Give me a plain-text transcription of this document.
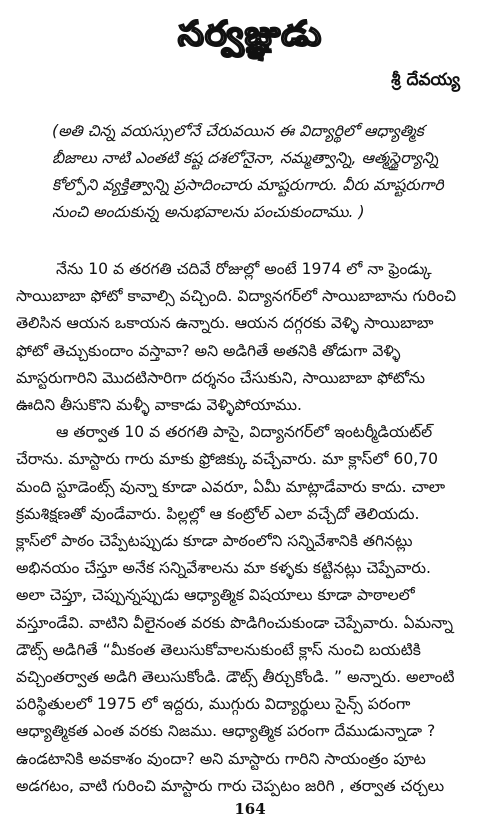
సర్వజ్ఞుడు
శ్రీ దేవయ్య
(అతి చిన్న వయస్సులోనే చేరువయిన ఈ విద్యార్థిలో ఆధ్యాత్మిక
బీజాలు నాటి ఎంతటి కష్ట దశలోనైనా, నమ్మత్వాన్ని, ఆత్మస్థైర్యాన్ని
కోల్పోని వ్యక్తిత్వాన్ని ప్రసాదించారు మాష్టరుగారు. వీరు మాష్టరుగారి
నుంచి అందుకున్న అనుభవాలను పంచుకుందాము. )
నేను 10 వ తరగతి చదివే రోజుల్లో అంటే 1974 లో నా ఫ్రెండ్కు
సాయిబాబా ఫోటో కావాల్సి వచ్చింది. విద్యానగర్‌లో సాయిబాబాను గురించి
తెలిసిన ఆయన ఒకాయన ఉన్నారు. ఆయన దగ్గరకు వెళ్ళి సాయిబాబా
ఫోటో తెచ్చుకుందాం వస్తావా? అని అడిగితే అతనికి తోడుగా వెళ్ళి
మాస్టరుగారిని మొదటిసారిగా దర్శనం చేసుకుని, సాయిబాబా ఫోటోను
ఊదిని తీసుకొని మళ్ళీ వాకాడు వెళ్ళిపోయాము.
ఆ తర్వాత 10 వ తరగతి పాసై, విద్యానగర్‌లో ఇంటర్మీడియట్‌ల్
చేరాను. మాస్టారు గారు మాకు ఫ్రోజిక్కు వచ్చేవారు. మా క్లాస్‌లో 60,70
మంది స్టూడెంట్స్ వున్నా కూడా ఎవరూ, ఏమీ మాట్లాడేవారు కాదు. చాలా
క్రమశిక్షణతో వుండేవారు. పిల్లల్లో ఆ కంట్రోల్ ఎలా వచ్చేదో తెలియదు.
క్లాస్‌లో పాఠం చెప్పేటప్పుడు కూడా పాఠంలోని సన్నివేశానికి తగినట్లు
అభినయం చేస్తూ అనేక సన్నివేశాలను మా కళ్ళకు కట్టినట్లు చెప్పేవారు.
అలా చెప్తూ, చెప్పున్నప్పుడు ఆధ్యాత్మిక విషయాలు కూడా పాఠాలలో
వస్తూండేవి. వాటిని వీలైనంత వరకు పొడిగించుకుండా చెప్పేవారు. ఏమన్నా
డౌట్స్ అడిగితే “మీకంత తెలుసుకోవాలనుకుంటే క్లాస్ నుంచి బయటికి
వచ్చింతర్వాత అడిగి తెలుసుకోండి. డౌట్స్ తీర్చుకోండి. ” అన్నారు. అలాంటి
పరిస్థితులలో 1975 లో ఇద్దరు, ముగ్గురు విద్యార్థులు సైన్స్ పరంగా
ఆధ్యాత్మికత ఎంత వరకు నిజము. ఆధ్యాత్మిక పరంగా దేముడున్నాడా ?
ఉండటానికి అవకాశం వుందా? అని మాస్టారు గారిని సాయంత్రం పూట
అడగటం, వాటి గురించి మాస్టారు గారు చెప్పటం జరిగి , తర్వాత చర్చలు
164
